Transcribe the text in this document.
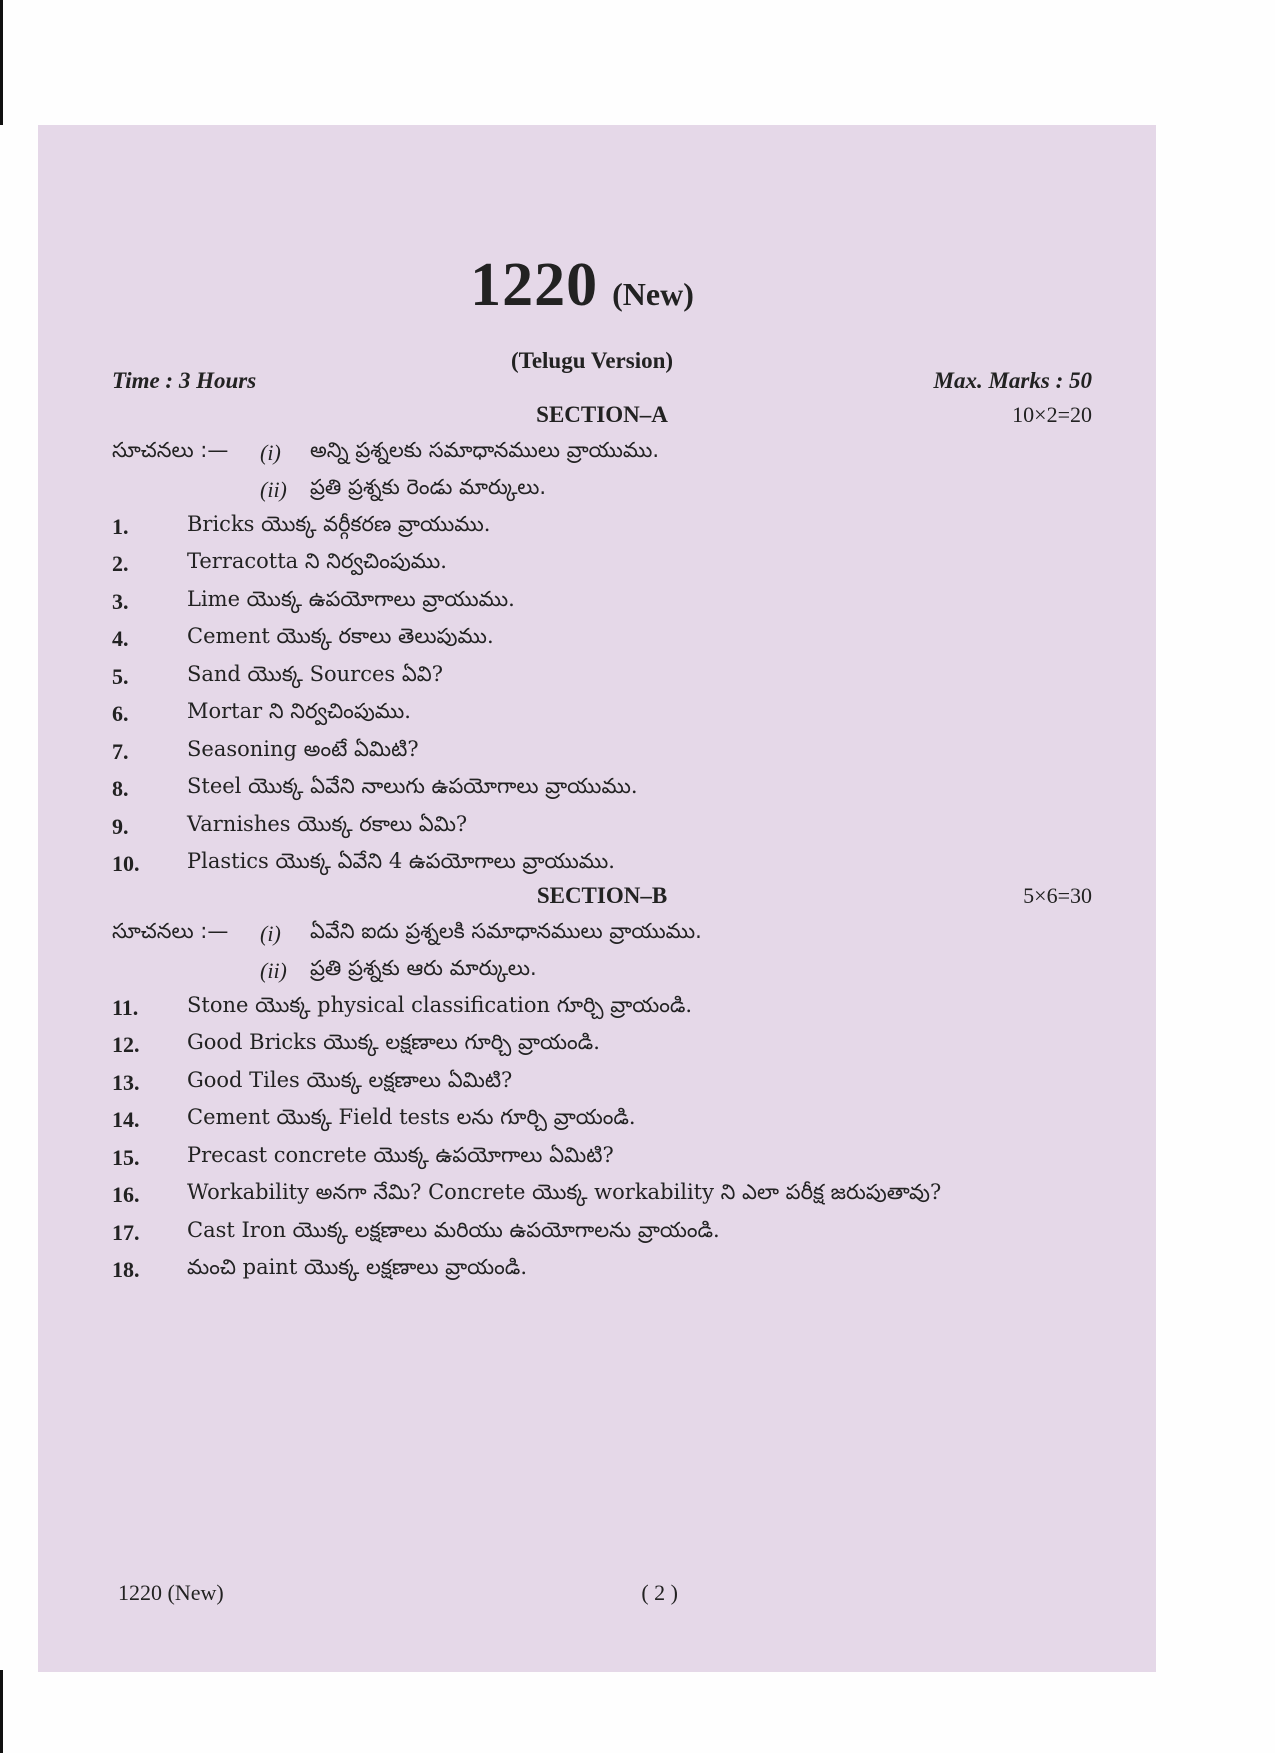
1220 (New)
(Telugu Version)
Time : 3 Hours	Max. Marks : 50
SECTION–A	10×2=20
సూచనలు :—	(i)	అన్ని ప్రశ్నలకు సమాధానములు వ్రాయుము.
(ii)	ప్రతి ప్రశ్నకు రెండు మార్కులు.
1.	Bricks యొక్క వర్గీకరణ వ్రాయుము.
2.	Terracotta ని నిర్వచింపుము.
3.	Lime యొక్క ఉపయోగాలు వ్రాయుము.
4.	Cement యొక్క రకాలు తెలుపుము.
5.	Sand యొక్క Sources ఏవి?
6.	Mortar ని నిర్వచింపుము.
7.	Seasoning అంటే ఏమిటి?
8.	Steel యొక్క ఏవేని నాలుగు ఉపయోగాలు వ్రాయుము.
9.	Varnishes యొక్క రకాలు ఏమి?
10.	Plastics యొక్క ఏవేని 4 ఉపయోగాలు వ్రాయుము.
SECTION–B	5×6=30
సూచనలు :—	(i)	ఏవేని ఐదు ప్రశ్నలకి సమాధానములు వ్రాయుము.
(ii)	ప్రతి ప్రశ్నకు ఆరు మార్కులు.
11.	Stone యొక్క physical classification గూర్చి వ్రాయండి.
12.	Good Bricks యొక్క లక్షణాలు గూర్చి వ్రాయండి.
13.	Good Tiles యొక్క లక్షణాలు ఏమిటి?
14.	Cement యొక్క Field tests లను గూర్చి వ్రాయండి.
15.	Precast concrete యొక్క ఉపయోగాలు ఏమిటి?
16.	Workability అనగా నేమి? Concrete యొక్క workability ని ఎలా పరీక్ష జరుపుతావు?
17.	Cast Iron యొక్క లక్షణాలు మరియు ఉపయోగాలను వ్రాయండి.
18.	మంచి paint యొక్క లక్షణాలు వ్రాయండి.
1220 (New)	( 2 )
